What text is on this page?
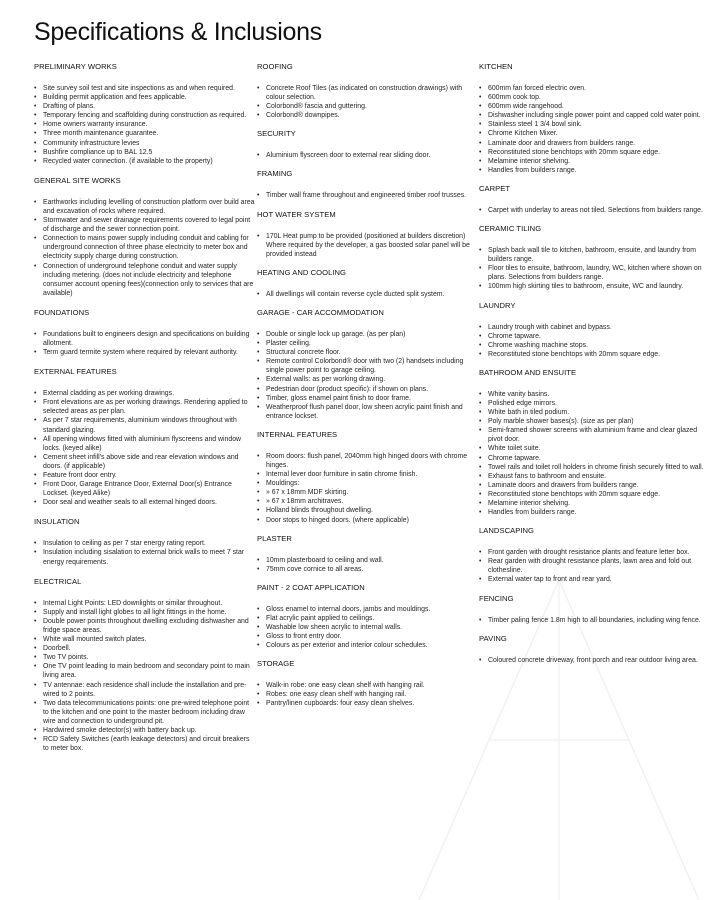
Specifications & Inclusions
PRELIMINARY WORKS
• Site survey soil test and site inspections as and when required.
• Building permit application and fees applicable.
• Drafting of plans.
• Temporary fencing and scaffolding during construction as required.
• Home owners warranty insurance.
• Three month maintenance guarantee.
• Community infrastructure levies
• Bushfire compliance up to BAL 12.5
• Recycled water connection. (if available to the property)
GENERAL SITE WORKS
• Earthworks including levelling of construction platform over build area and excavation of rocks where required.
• Stormwater and sewer drainage requirements covered to legal point of discharge and the sewer connection point.
• Connection to mains power supply including conduit and cabling for underground connection of three phase electricity to meter box and electricity supply charge during construction.
• Connection of underground telephone conduit and water supply including metering. (does not include electricity and telephone consumer account opening fees)(connection only to services that are available)
FOUNDATIONS
• Foundations built to engineers design and specifications on building allotment.
• Term guard termite system where required by relevant authority.
EXTERNAL FEATURES
• External cladding as per working drawings.
• Front elevations are as per working drawings. Rendering applied to selected areas as per plan.
• As per 7 star requirements, aluminium windows throughout with standard glazing.
• All opening windows fitted with aluminium flyscreens and window locks. (keyed alike)
• Cement sheet infill's above side and rear elevation windows and doors. (if applicable)
• Feature front door entry.
• Front Door, Garage Entrance Door, External Door(s) Entrance Lockset. (keyed Alike)
• Door seal and weather seals to all external hinged doors.
INSULATION
• Insulation to ceiling as per 7 star energy rating report.
• Insulation including sisalation to external brick walls to meet 7 star energy requirements.
ELECTRICAL
• Internal Light Points: LED downlights or similar throughout.
• Supply and install light globes to all light fittings in the home.
• Double power points throughout dwelling excluding dishwasher and fridge space areas.
• White wall mounted switch plates.
• Doorbell.
• Two TV points.
• One TV point leading to main bedroom and secondary point to main living area.
• TV antennae: each residence shall include the installation and pre-wired to 2 points.
• Two data telecommunications points: one pre-wired telephone point to the kitchen and one point to the master bedroom including draw wire and connection to underground pit.
• Hardwired smoke detector(s) with battery back up.
• RCD Safety Switches (earth leakage detectors) and circuit breakers to meter box.
ROOFING
• Concrete Roof Tiles (as indicated on construction drawings) with colour selection.
• Colorbond® fascia and guttering.
• Colorbond® downpipes.
SECURITY
• Aluminium flyscreen door to external rear sliding door.
FRAMING
• Timber wall frame throughout and engineered timber roof trusses.
HOT WATER SYSTEM
• 170L Heat pump to be provided (positioned at builders discretion) Where required by the developer, a gas boosted solar panel will be provided instead
HEATING AND COOLING
• All dwellings will contain reverse cycle ducted split system.
GARAGE - CAR ACCOMMODATION
• Double or single lock up garage. (as per plan)
• Plaster ceiling.
• Structural concrete floor.
• Remote control Colorbond® door with two (2) handsets including single power point to garage ceiling.
• External walls: as per working drawing.
• Pedestrian door (product specific): if shown on plans.
• Timber, gloss enamel paint finish to door frame.
• Weatherproof flush panel door, low sheen acrylic paint finish and entrance lockset.
INTERNAL FEATURES
• Room doors: flush panel, 2040mm high hinged doors with chrome hinges.
• Internal lever door furniture in satin chrome finish.
• Mouldings:
• » 67 x 18mm MDF skirting.
• » 67 x 18mm architraves.
• Holland blinds throughout dwelling.
• Door stops to hinged doors. (where applicable)
PLASTER
• 10mm plasterboard to ceiling and wall.
• 75mm cove cornice to all areas.
PAINT - 2 COAT APPLICATION
• Gloss enamel to internal doors, jambs and mouldings.
• Flat acrylic paint applied to ceilings.
• Washable low sheen acrylic to internal walls.
• Gloss to front entry door.
• Colours as per exterior and interior colour schedules.
STORAGE
• Walk-in robe: one easy clean shelf with hanging rail.
• Robes: one easy clean shelf with hanging rail.
• Pantry/linen cupboards: four easy clean shelves.
KITCHEN
• 600mm fan forced electric oven.
• 600mm cook top.
• 600mm wide rangehood.
• Dishwasher including single power point and capped cold water point.
• Stainless steel 1 3/4 bowl sink.
• Chrome Kitchen Mixer.
• Laminate door and drawers from builders range.
• Reconstituted stone benchtops with 20mm square edge.
• Melamine interior shelving.
• Handles from builders range.
CARPET
• Carpet with underlay to areas not tiled. Selections from builders range.
CERAMIC TILING
• Splash back wall tile to kitchen, bathroom, ensuite, and laundry from builders range.
• Floor tiles to ensuite, bathroom, laundry, WC, kitchen where shown on plans. Selections from builders range.
• 100mm high skirting tiles to bathroom, ensuite, WC and laundry.
LAUNDRY
• Laundry trough with cabinet and bypass.
• Chrome tapware.
• Chrome washing machine stops.
• Reconstituted stone benchtops with 20mm square edge.
BATHROOM AND ENSUITE
• White vanity basins.
• Polished edge mirrors.
• White bath in tiled podium.
• Poly marble shower bases(s). (size as per plan)
• Semi-framed shower screens with aluminium frame and clear glazed pivot door.
• White toilet suite.
• Chrome tapware.
• Towel rails and toilet roll holders in chrome finish securely fitted to wall.
• Exhaust fans to bathroom and ensuite.
• Laminate doors and drawers from builders range.
• Reconstituted stone benchtops with 20mm square edge.
• Melamine interior shelving.
• Handles from builders range.
LANDSCAPING
• Front garden with drought resistance plants and feature letter box.
• Rear garden with drought resistance plants, lawn area and fold out clothesline.
• External water tap to front and rear yard.
FENCING
• Timber paling fence 1.8m high to all boundaries, including wing fence.
PAVING
• Coloured concrete driveway, front porch and rear outdoor living area.
